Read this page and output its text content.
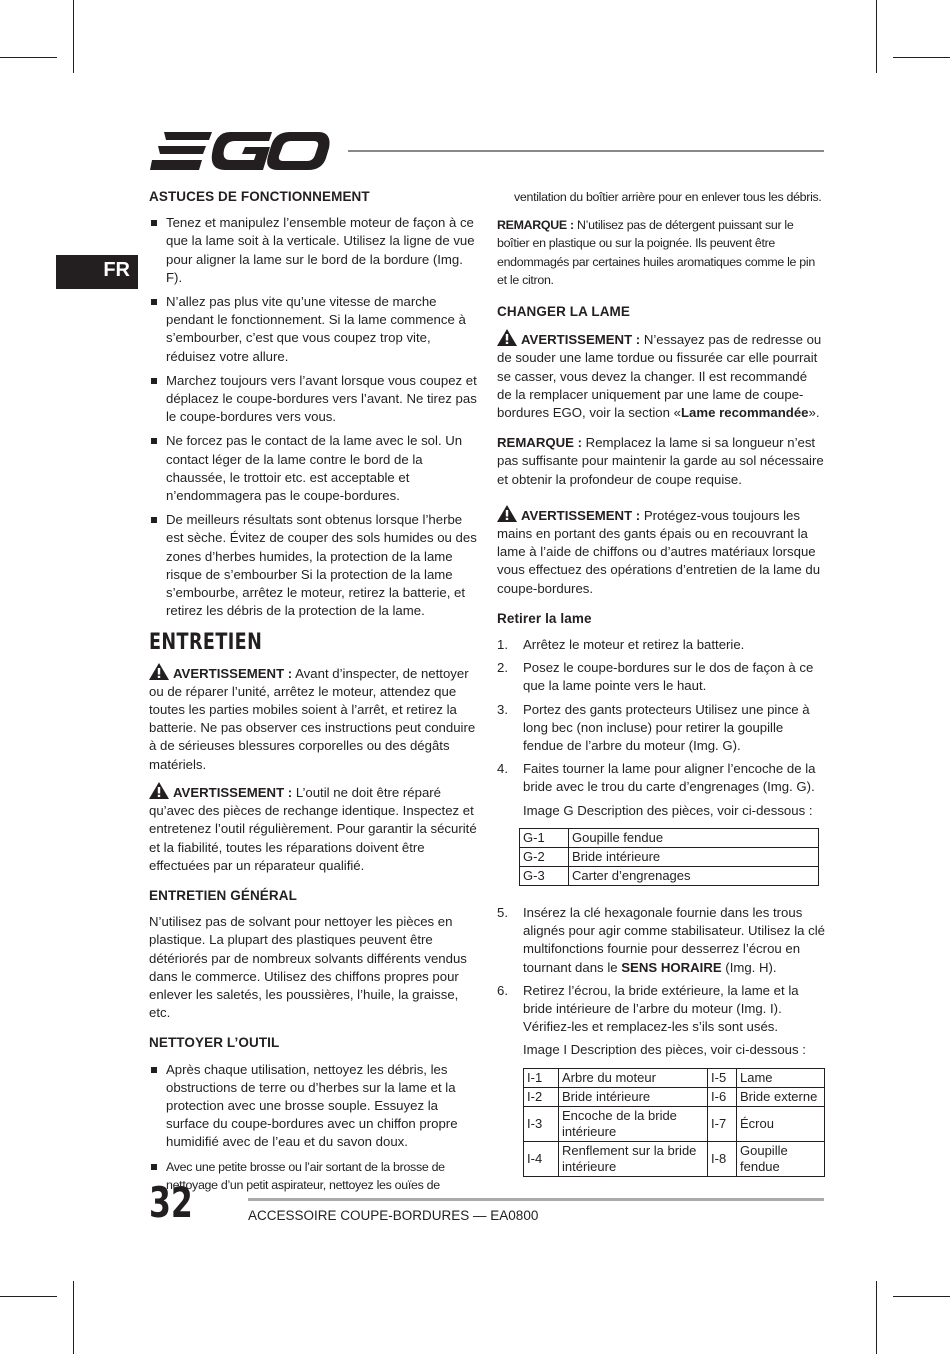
FR
ASTUCES DE FONCTIONNEMENT
Tenez et manipulez l’ensemble moteur de façon à ce que la lame soit à la verticale. Utilisez la ligne de vue pour aligner la lame sur le bord de la bordure (Img. F).
N’allez pas plus vite qu’une vitesse de marche pendant le fonctionnement. Si la lame commence à s’embourber, c’est que vous coupez trop vite, réduisez votre allure.
Marchez toujours vers l’avant lorsque vous coupez et déplacez le coupe-bordures vers l’avant. Ne tirez pas le coupe-bordures vers vous.
Ne forcez pas le contact de la lame avec le sol. Un contact léger de la lame contre le bord de la chaussée, le trottoir etc. est acceptable et n’endommagera pas le coupe-bordures.
De meilleurs résultats sont obtenus lorsque l’herbe est sèche. Évitez de couper des sols humides ou des zones d’herbes humides, la protection de la lame risque de s’embourber Si la protection de la lame s’embourbe, arrêtez le moteur, retirez la batterie, et retirez les débris de la protection de la lame.
ENTRETIEN

AVERTISSEMENT : Avant d’inspecter, de nettoyer ou de réparer l’unité, arrêtez le moteur, attendez que toutes les parties mobiles soient à l’arrêt, et retirez la batterie. Ne pas observer ces instructions peut conduire à de sérieuses blessures corporelles ou des dégâts matériels.

AVERTISSEMENT : L’outil ne doit être réparé qu’avec des pièces de rechange identique. Inspectez et entretenez l’outil régulièrement. Pour garantir la sécurité et la fiabilité, toutes les réparations doivent être effectuées par un réparateur qualifié.

ENTRETIEN GÉNÉRAL

N’utilisez pas de solvant pour nettoyer les pièces en plastique. La plupart des plastiques peuvent être détériorés par de nombreux solvants différents vendus dans le commerce. Utilisez des chiffons propres pour enlever les saletés, les poussières, l’huile, la graisse, etc.

NETTOYER L’OUTIL
Après chaque utilisation, nettoyez les débris, les obstructions de terre ou d’herbes sur la lame et la protection avec une brosse souple. Essuyez la surface du coupe-bordures avec un chiffon propre humidifié avec de l’eau et du savon doux.
Avec une petite brosse ou l’air sortant de la brosse de nettoyage d’un petit aspirateur, nettoyez les ouïes de

ventilation du boîtier arrière pour en enlever tous les débris.

REMARQUE : N’utilisez pas de détergent puissant sur le boîtier en plastique ou sur la poignée. Ils peuvent être endommagés par certaines huiles aromatiques comme le pin et le citron.

CHANGER LA LAME

AVERTISSEMENT : N’essayez pas de redresse ou de souder une lame tordue ou fissurée car elle pourrait se casser, vous devez la changer. Il est recommandé de la remplacer uniquement par une lame de coupe-bordures EGO, voir la section «Lame recommandée».

REMARQUE : Remplacez la lame si sa longueur n’est pas suffisante pour maintenir la garde au sol nécessaire et obtenir la profondeur de coupe requise.

AVERTISSEMENT : Protégez-vous toujours les mains en portant des gants épais ou en recouvrant la lame à l’aide de chiffons ou d’autres matériaux lorsque vous effectuez des opérations d’entretien de la lame du coupe-bordures.

Retirer la lame
1. Arrêtez le moteur et retirez la batterie.
2. Posez le coupe-bordures sur le dos de façon à ce que la lame pointe vers le haut.
3. Portez des gants protecteurs Utilisez une pince à long bec (non incluse) pour retirer la goupille fendue de l’arbre du moteur (Img. G).
4. Faites tourner la lame pour aligner l’encoche de la bride avec le trou du carte d’engrenages (Img. G).

Image G Description des pièces, voir ci-dessous :

G-1	Goupille fendue
G-2	Bride intérieure
G-3	Carter d’engrenages
5. Insérez la clé hexagonale fournie dans les trous alignés pour agir comme stabilisateur. Utilisez la clé multifonctions fournie pour desserrez l’écrou en tournant dans le SENS HORAIRE (Img. H).
6. Retirez l’écrou, la bride extérieure, la lame et la bride intérieure de l’arbre du moteur (Img. I). Vérifiez-les et remplacez-les s’ils sont usés.

Image I Description des pièces, voir ci-dessous :

I-1	Arbre du moteur	I-5	Lame
I-2	Bride intérieure	I-6	Bride externe
I-3	Encoche de la bride intérieure	I-7	Écrou
I-4	Renflement sur la bride intérieure	I-8	Goupille fendue
32	ACCESSOIRE COUPE-BORDURES — EA0800
